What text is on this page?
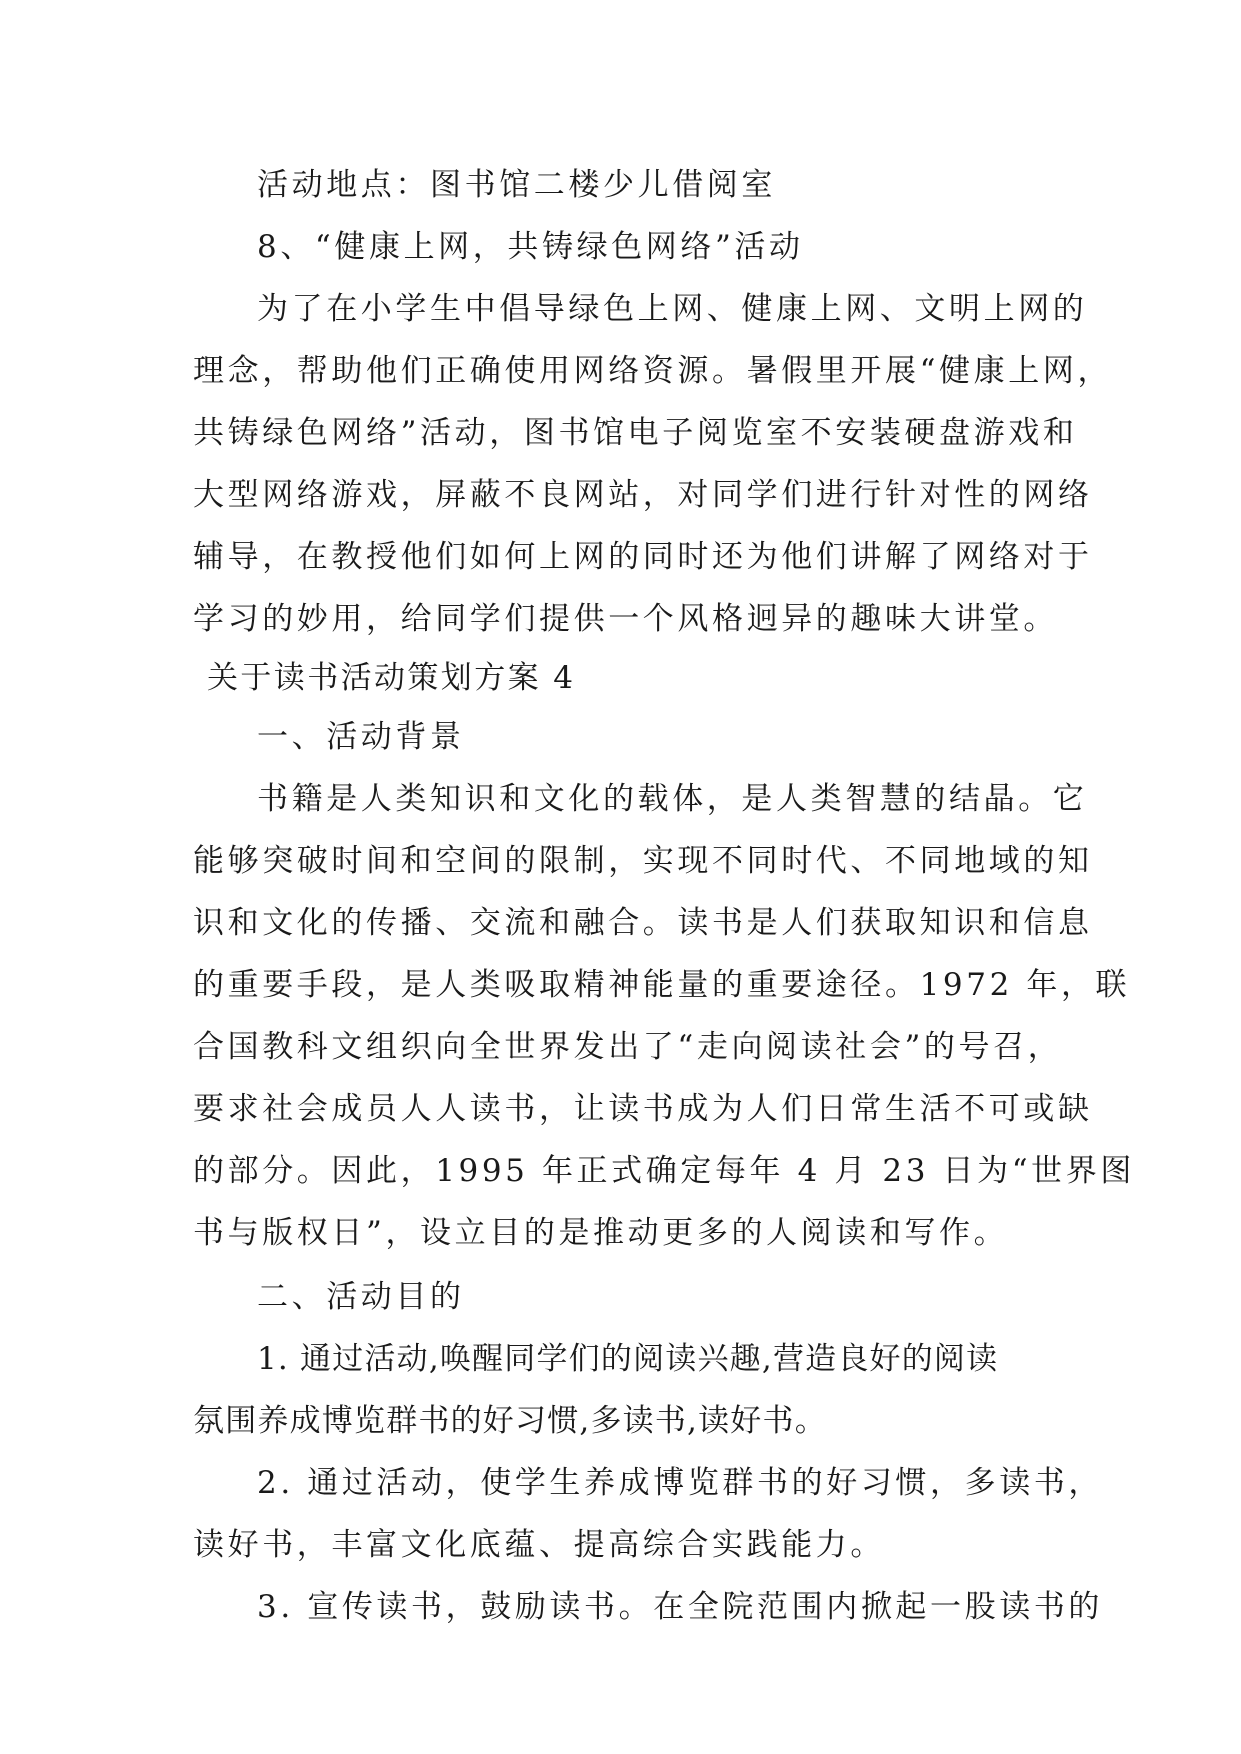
活动地点：图书馆二楼少儿借阅室
8、“健康上网，共铸绿色网络”活动
为了在小学生中倡导绿色上网、健康上网、文明上网的
理念，帮助他们正确使用网络资源。暑假里开展“健康上网，
共铸绿色网络”活动，图书馆电子阅览室不安装硬盘游戏和
大型网络游戏，屏蔽不良网站，对同学们进行针对性的网络
辅导，在教授他们如何上网的同时还为他们讲解了网络对于
学习的妙用，给同学们提供一个风格迥异的趣味大讲堂。
关于读书活动策划方案 4
一、活动背景
书籍是人类知识和文化的载体，是人类智慧的结晶。它
能够突破时间和空间的限制，实现不同时代、不同地域的知
识和文化的传播、交流和融合。读书是人们获取知识和信息
的重要手段，是人类吸取精神能量的重要途径。1972 年，联
合国教科文组织向全世界发出了“走向阅读社会”的号召，
要求社会成员人人读书，让读书成为人们日常生活不可或缺
的部分。因此，1995 年正式确定每年 4 月 23 日为“世界图
书与版权日”，设立目的是推动更多的人阅读和写作。
二、活动目的
1. 通过活动,唤醒同学们的阅读兴趣,营造良好的阅读
氛围养成博览群书的好习惯,多读书,读好书。
2. 通过活动，使学生养成博览群书的好习惯，多读书，
读好书，丰富文化底蕴、提高综合实践能力。
3. 宣传读书，鼓励读书。在全院范围内掀起一股读书的
